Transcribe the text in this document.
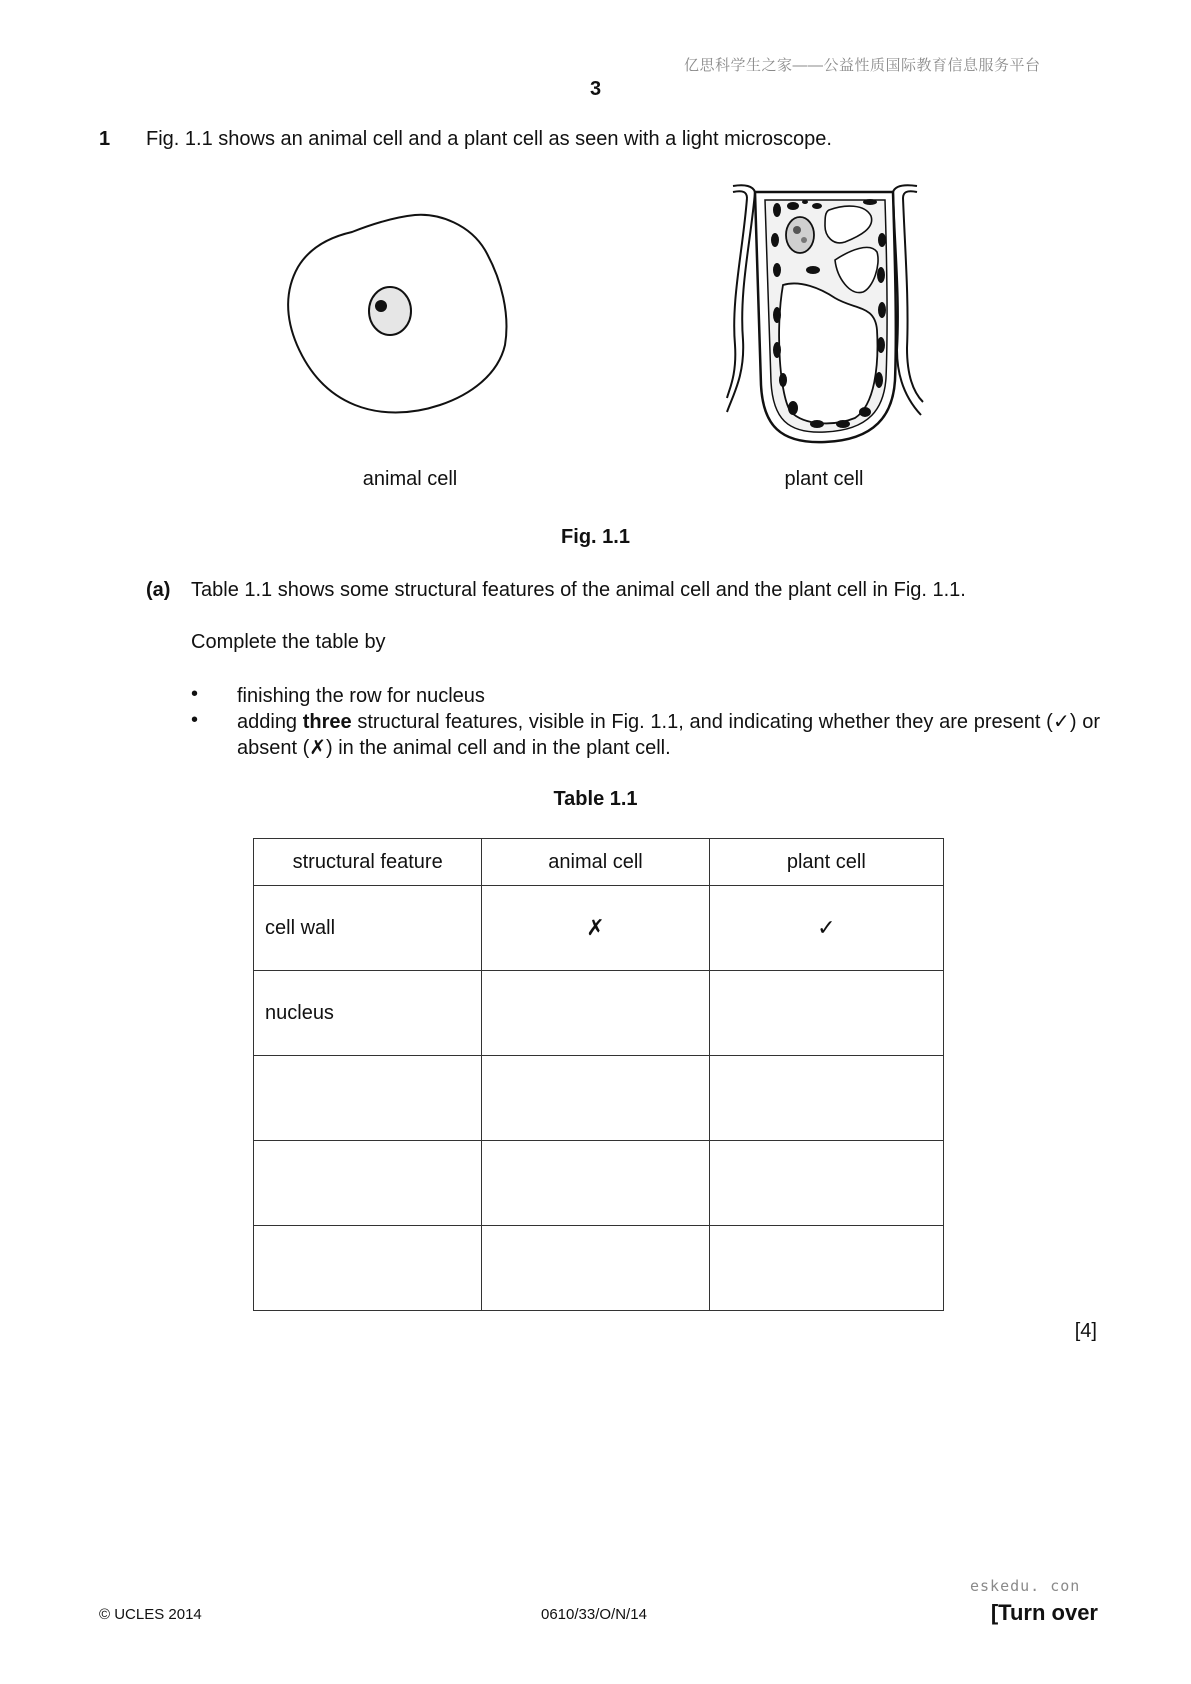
亿思科学生之家——公益性质国际教育信息服务平台
3
1 Fig. 1.1 shows an animal cell and a plant cell as seen with a light microscope.
animal cell	plant cell
Fig. 1.1
(a) Table 1.1 shows some structural features of the animal cell and the plant cell in Fig. 1.1.
Complete the table by
• finishing the row for nucleus
• adding three structural features, visible in Fig. 1.1, and indicating whether they are present (✓) or absent (✗) in the animal cell and in the plant cell.
Table 1.1
structural feature	animal cell	plant cell
cell wall	✗	✓
nucleus		

[4]
eskedu. con
© UCLES 2014	0610/33/O/N/14	[Turn over
